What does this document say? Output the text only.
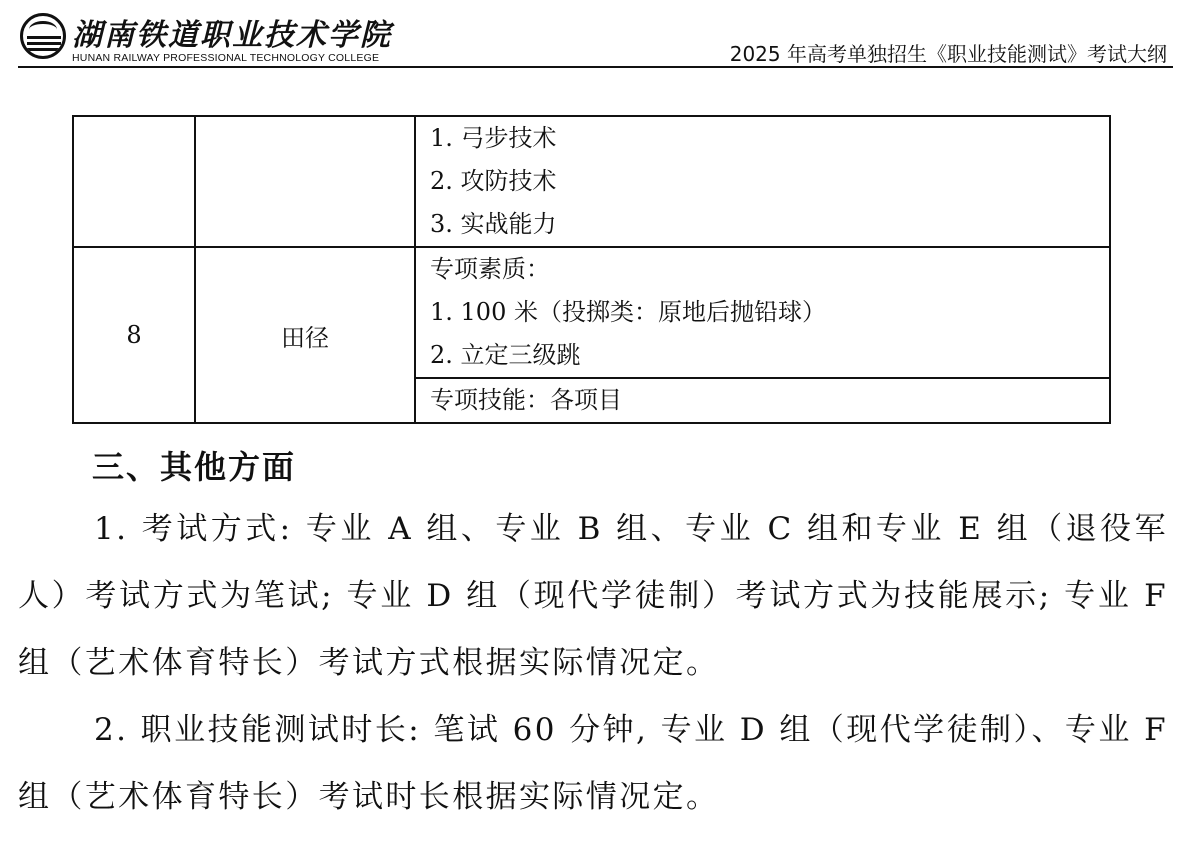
湖南铁道职业技术学院
HUNAN RAILWAY PROFESSIONAL TECHNOLOGY COLLEGE	2025 年高考单独招生《职业技能测试》考试大纲

		1. 弓步技术
2. 攻防技术
3. 实战能力

8	田径	专项素质：
1. 100 米（投掷类：原地后抛铅球）
2. 立定三级跳

		专项技能：各项目
三、其他方面
1. 考试方式: 专业 A 组、专业 B 组、专业 C 组和专业 E 组（退役军人）考试方式为笔试; 专业 D 组（现代学徒制）考试方式为技能展示; 专业 F 组（艺术体育特长）考试方式根据实际情况定。
2. 职业技能测试时长: 笔试 60 分钟, 专业 D 组（现代学徒制）、专业 F 组（艺术体育特长）考试时长根据实际情况定。
